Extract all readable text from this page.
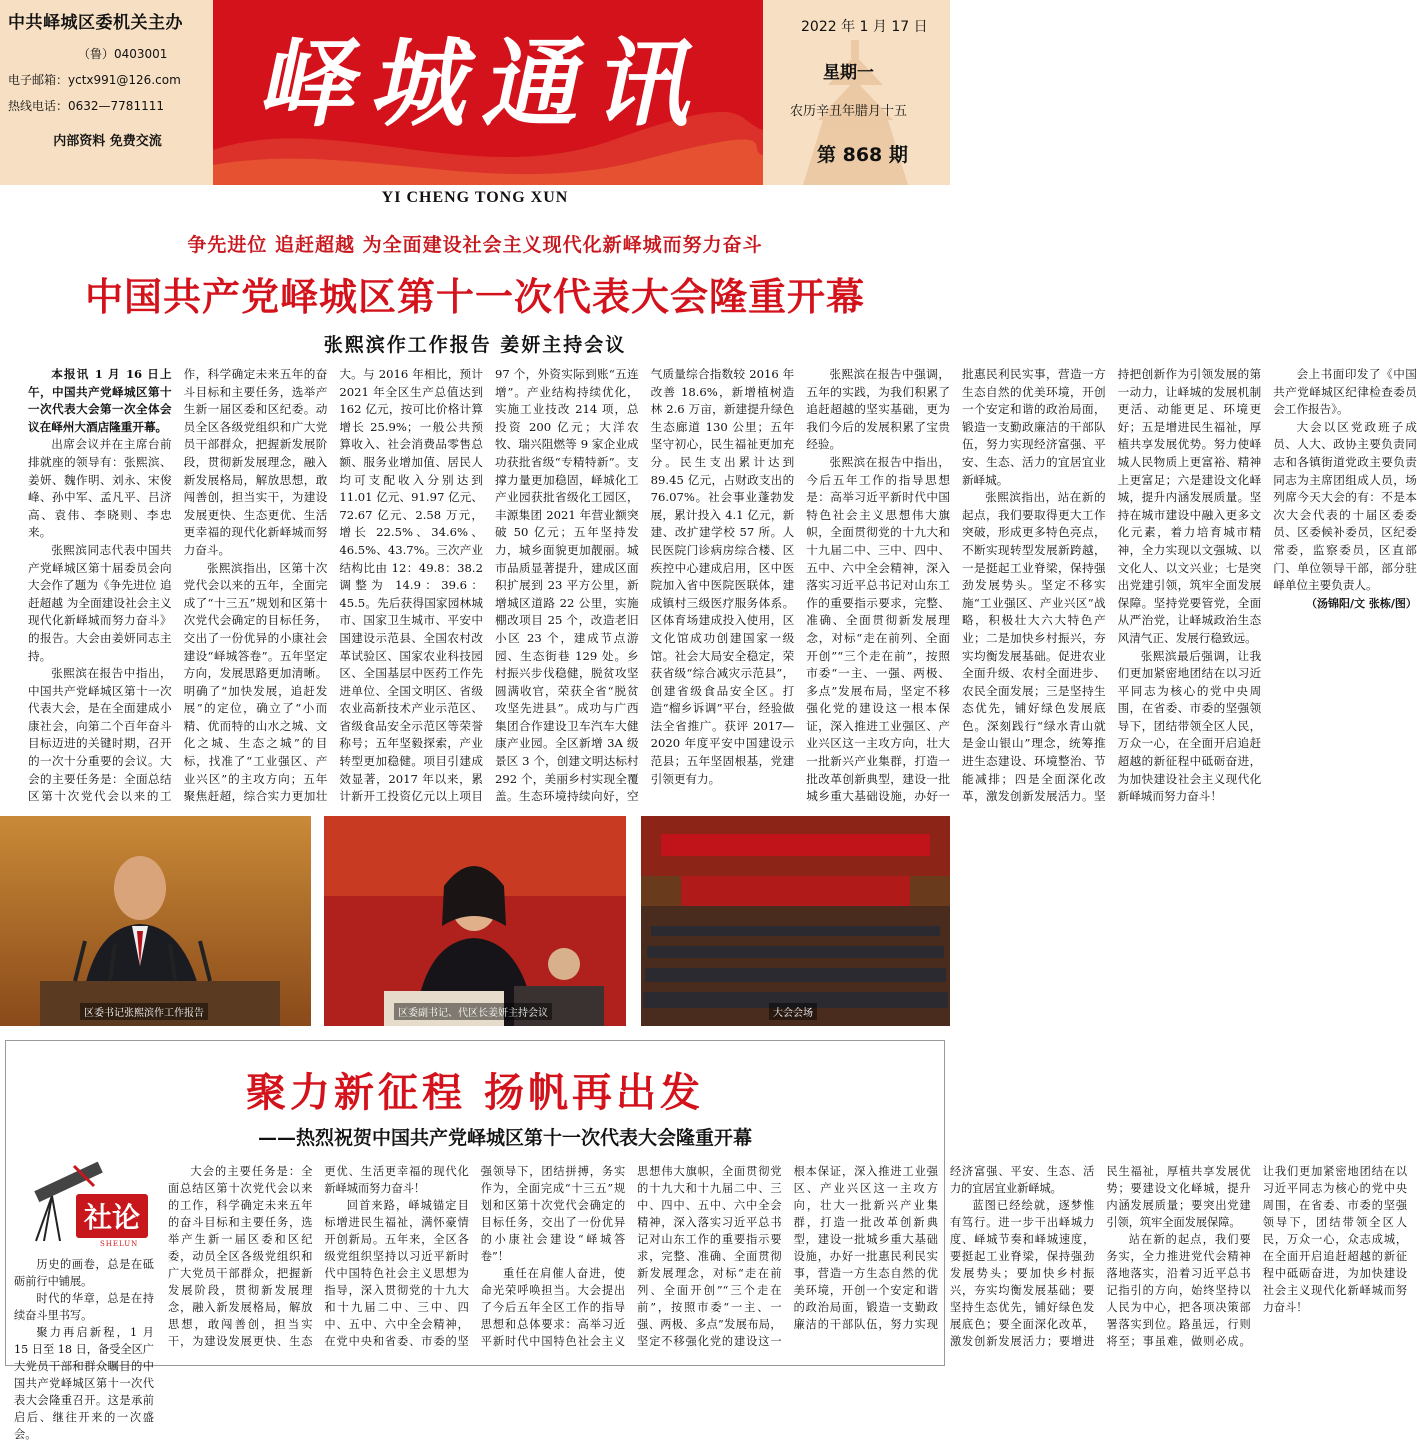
中共峄城区委机关主办
（鲁）0403001
电子邮箱：yctx991@126.com
热线电话：0632—7781111
内部资料 免费交流
峄城通讯
2022 年 1 月 17 日
星期一
农历辛丑年腊月十五
第 868 期
YI CHENG TONG XUN
争先进位 追赶超越 为全面建设社会主义现代化新峄城而努力奋斗
中国共产党峄城区第十一次代表大会隆重开幕
张熙滨作工作报告 姜妍主持会议

本报讯 1 月 16 日上午，中国共产党峄城区第十一次代表大会第一次全体会议在峄州大酒店隆重开幕。

出席会议并在主席台前排就座的领导有：张熙滨、姜妍、魏作明、刘永、宋俊峰、孙中军、孟凡平、吕济高、袁伟、李晓则、李忠来。

张熙滨同志代表中国共产党峄城区第十届委员会向大会作了题为《争先进位 追赶超越 为全面建设社会主义现代化新峄城而努力奋斗》的报告。大会由姜妍同志主持。

张熙滨在报告中指出，中国共产党峄城区第十一次代表大会，是在全面建成小康社会，向第二个百年奋斗目标迈进的关键时期，召开的一次十分重要的会议。大会的主要任务是：全面总结区第十次党代会以来的工作，科学确定未来五年的奋斗目标和主要任务，选举产生新一届区委和区纪委。动员全区各级党组织和广大党员干部群众，把握新发展阶段，贯彻新发展理念，融入新发展格局，解放思想，敢闯善创，担当实干，为建设发展更快、生态更优、生活更幸福的现代化新峄城而努力奋斗。

张熙滨指出，区第十次党代会以来的五年，全面完成了“十三五”规划和区第十次党代会确定的目标任务，交出了一份优异的小康社会建设“峄城答卷”。五年坚定方向，发展思路更加清晰。明确了“加快发展，追赶发展”的定位，确立了“小而精、优而特的山水之城、文化之城、生态之城”的目标，找准了“工业强区、产业兴区”的主攻方向；五年聚焦赶超，综合实力更加壮大。与 2016 年相比，预计 2021 年全区生产总值达到 162 亿元，按可比价格计算增长 25.9%；一般公共预算收入、社会消费品零售总额、服务业增加值、居民人均可支配收入分别达到 11.01 亿元、91.97 亿元、72.67 亿元、2.58 万元，增长 22.5%、34.6%、46.5%、43.7%。三次产业结构比由 12：49.8：38.2 调整为 14.9：39.6：45.5。先后获得国家园林城市、国家卫生城市、平安中国建设示范县、全国农村改革试验区、国家农业科技园区、全国基层中医药工作先进单位、全国文明区、省级农业高新技术产业示范区、省级食品安全示范区等荣誉称号；五年坚毅探索，产业转型更加稳健。项目引建成效显著，2017 年以来，累计新开工投资亿元以上项目 97 个，外资实际到账“五连增”。产业结构持续优化，实施工业技改 214 项，总投资 200 亿元；大洋农牧、瑞兴阻燃等 9 家企业成功获批省级“专精特新”。支撑力量更加稳固，峄城化工产业园获批省级化工园区，丰源集团 2021 年营业额突破 50 亿元；五年坚持发力，城乡面貌更加靓丽。城市品质显著提升，建成区面积扩展到 23 平方公里，新增城区道路 22 公里，实施棚改项目 25 个，改造老旧小区 23 个，建成节点游园、生态街巷 129 处。乡村振兴步伐稳健，脱贫攻坚圆满收官，荣获全省“脱贫攻坚先进县”。成功与广西集团合作建设卫车汽车大健康产业园。全区新增 3A 级景区 3 个，创建文明达标村 292 个，美丽乡村实现全覆盖。生态环境持续向好，空气质量综合指数较 2016 年改善 18.6%，新增植树造林 2.6 万亩，新建提升绿色生态廊道 130 公里；五年坚守初心，民生福祉更加充分。民生支出累计达到 89.45 亿元，占财政支出的 76.07%。社会事业蓬勃发展，累计投入 4.1 亿元，新建、改扩建学校 57 所。人民医院门诊病房综合楼、区疾控中心建成启用，区中医院加入省中医院医联体，建成镇村三级医疗服务体系。区体育场建成投入使用，区文化馆成功创建国家一级馆。社会大局安全稳定，荣获省级“综合减灾示范县”，创建省级食品安全区。打造“榴乡诉调”平台，经验做法全省推广。获评 2017—2020 年度平安中国建设示范县；五年坚固根基，党建引领更有力。

张熙滨在报告中强调，五年的实践，为我们积累了追赶超越的坚实基础，更为我们今后的发展积累了宝贵经验。

张熙滨在报告中指出，今后五年工作的指导思想是：高举习近平新时代中国特色社会主义思想伟大旗帜，全面贯彻党的十九大和十九届二中、三中、四中、五中、六中全会精神，深入落实习近平总书记对山东工作的重要指示要求，完整、准确、全面贯彻新发展理念，对标“走在前列、全面开创”“三个走在前”，按照市委“一主、一强、两极、多点”发展布局，坚定不移强化党的建设这一根本保证，深入推进工业强区、产业兴区这一主攻方向，壮大一批新兴产业集群，打造一批改革创新典型，建设一批城乡重大基础设施，办好一批惠民利民实事，营造一方生态自然的优美环境，开创一个安定和谐的政治局面，锻造一支勤政廉洁的干部队伍，努力实现经济富强、平安、生态、活力的宜居宜业新峄城。

张熙滨指出，站在新的起点，我们要取得更大工作突破，形成更多特色亮点，不断实现转型发展新跨越，一是挺起工业脊梁，保持强劲发展势头。坚定不移实施“工业强区、产业兴区”战略，积极壮大六大特色产业；二是加快乡村振兴，夯实均衡发展基础。促进农业全面升级、农村全面进步、农民全面发展；三是坚持生态优先，铺好绿色发展底色。深刻践行“绿水青山就是金山银山”理念，统筹推进生态建设、环境整治、节能减排；四是全面深化改革，激发创新发展活力。坚持把创新作为引领发展的第一动力，让峄城的发展机制更活、动能更足、环境更好；五是增进民生福祉，厚植共享发展优势。努力使峄城人民物质上更富裕、精神上更富足；六是建设文化峄城，提升内涵发展质量。坚持在城市建设中融入更多文化元素，着力培育城市精神，全力实现以文强城、以文化人、以文兴业；七是突出党建引领，筑牢全面发展保障。坚持党要管党，全面从严治党，让峄城政治生态风清气正、发展行稳致远。

张熙滨最后强调，让我们更加紧密地团结在以习近平同志为核心的党中央周围，在省委、市委的坚强领导下，团结带领全区人民，万众一心，在全面开启追赶超越的新征程中砥砺奋进，为加快建设社会主义现代化新峄城而努力奋斗！

会上书面印发了《中国共产党峄城区纪律检查委员会工作报告》。

大会以区党政班子成员、人大、政协主要负责同志和各镇街道党政主要负责同志为主席团组成人员，场列席今天大会的有：不是本次大会代表的十届区委委员、区委候补委员，区纪委常委，监察委员，区直部门、单位领导干部，部分驻峄单位主要负责人。

（汤锦阳/文 张栋/图）

区委书记张熙滨作工作报告	区委副书记、代区长姜妍主持会议	大会会场
聚力新征程 扬帆再出发
——热烈祝贺中国共产党峄城区第十一次代表大会隆重开幕
社论
SHELUN

历史的画卷，总是在砥砺前行中铺展。

时代的华章，总是在持续奋斗里书写。

聚力再启新程，1 月 15 日至 18 日，备受全区广大党员干部和群众瞩目的中国共产党峄城区第十一次代表大会隆重召开。这是承前启后、继往开来的一次盛会。

大会的主要任务是：全面总结区第十次党代会以来的工作，科学确定未来五年的奋斗目标和主要任务，选举产生新一届区委和区纪委，动员全区各级党组织和广大党员干部群众，把握新发展阶段，贯彻新发展理念，融入新发展格局，解放思想，敢闯善创，担当实干，为建设发展更快、生态更优、生活更幸福的现代化新峄城而努力奋斗！

回首来路，峄城锚定目标增进民生福祉，满怀豪情开创新局。五年来，全区各级党组织坚持以习近平新时代中国特色社会主义思想为指导，深入贯彻党的十九大和十九届二中、三中、四中、五中、六中全会精神，在党中央和省委、市委的坚强领导下，团结拼搏，务实作为，全面完成“十三五”规划和区第十次党代会确定的目标任务，交出了一份优异的小康社会建设“峄城答卷”！

重任在肩催人奋进，使命光荣呼唤担当。大会提出了今后五年全区工作的指导思想和总体要求：高举习近平新时代中国特色社会主义思想伟大旗帜，全面贯彻党的十九大和十九届二中、三中、四中、五中、六中全会精神，深入落实习近平总书记对山东工作的重要指示要求，完整、准确、全面贯彻新发展理念，对标“走在前列、全面开创”“三个走在前”，按照市委“一主、一强、两极、多点”发展布局，坚定不移强化党的建设这一根本保证，深入推进工业强区、产业兴区这一主攻方向，壮大一批新兴产业集群，打造一批改革创新典型，建设一批城乡重大基础设施，办好一批惠民利民实事，营造一方生态自然的优美环境，开创一个安定和谐的政治局面，锻造一支勤政廉洁的干部队伍，努力实现经济富强、平安、生态、活力的宜居宜业新峄城。

蓝图已经绘就，逐梦惟有笃行。进一步干出峄城力度、峄城节奏和峄城速度，要挺起工业脊梁，保持强劲发展势头；要加快乡村振兴，夯实均衡发展基础；要坚持生态优先，铺好绿色发展底色；要全面深化改革，激发创新发展活力；要增进民生福祉，厚植共享发展优势；要建设文化峄城，提升内涵发展质量；要突出党建引领，筑牢全面发展保障。

站在新的起点，我们要务实，全力推进党代会精神落地落实，沿着习近平总书记指引的方向，始终坚持以人民为中心，把各项决策部署落实到位。路虽远，行则将至；事虽难，做则必成。让我们更加紧密地团结在以习近平同志为核心的党中央周围，在省委、市委的坚强领导下，团结带领全区人民，万众一心，众志成城，在全面开启追赶超越的新征程中砥砺奋进，为加快建设社会主义现代化新峄城而努力奋斗！
